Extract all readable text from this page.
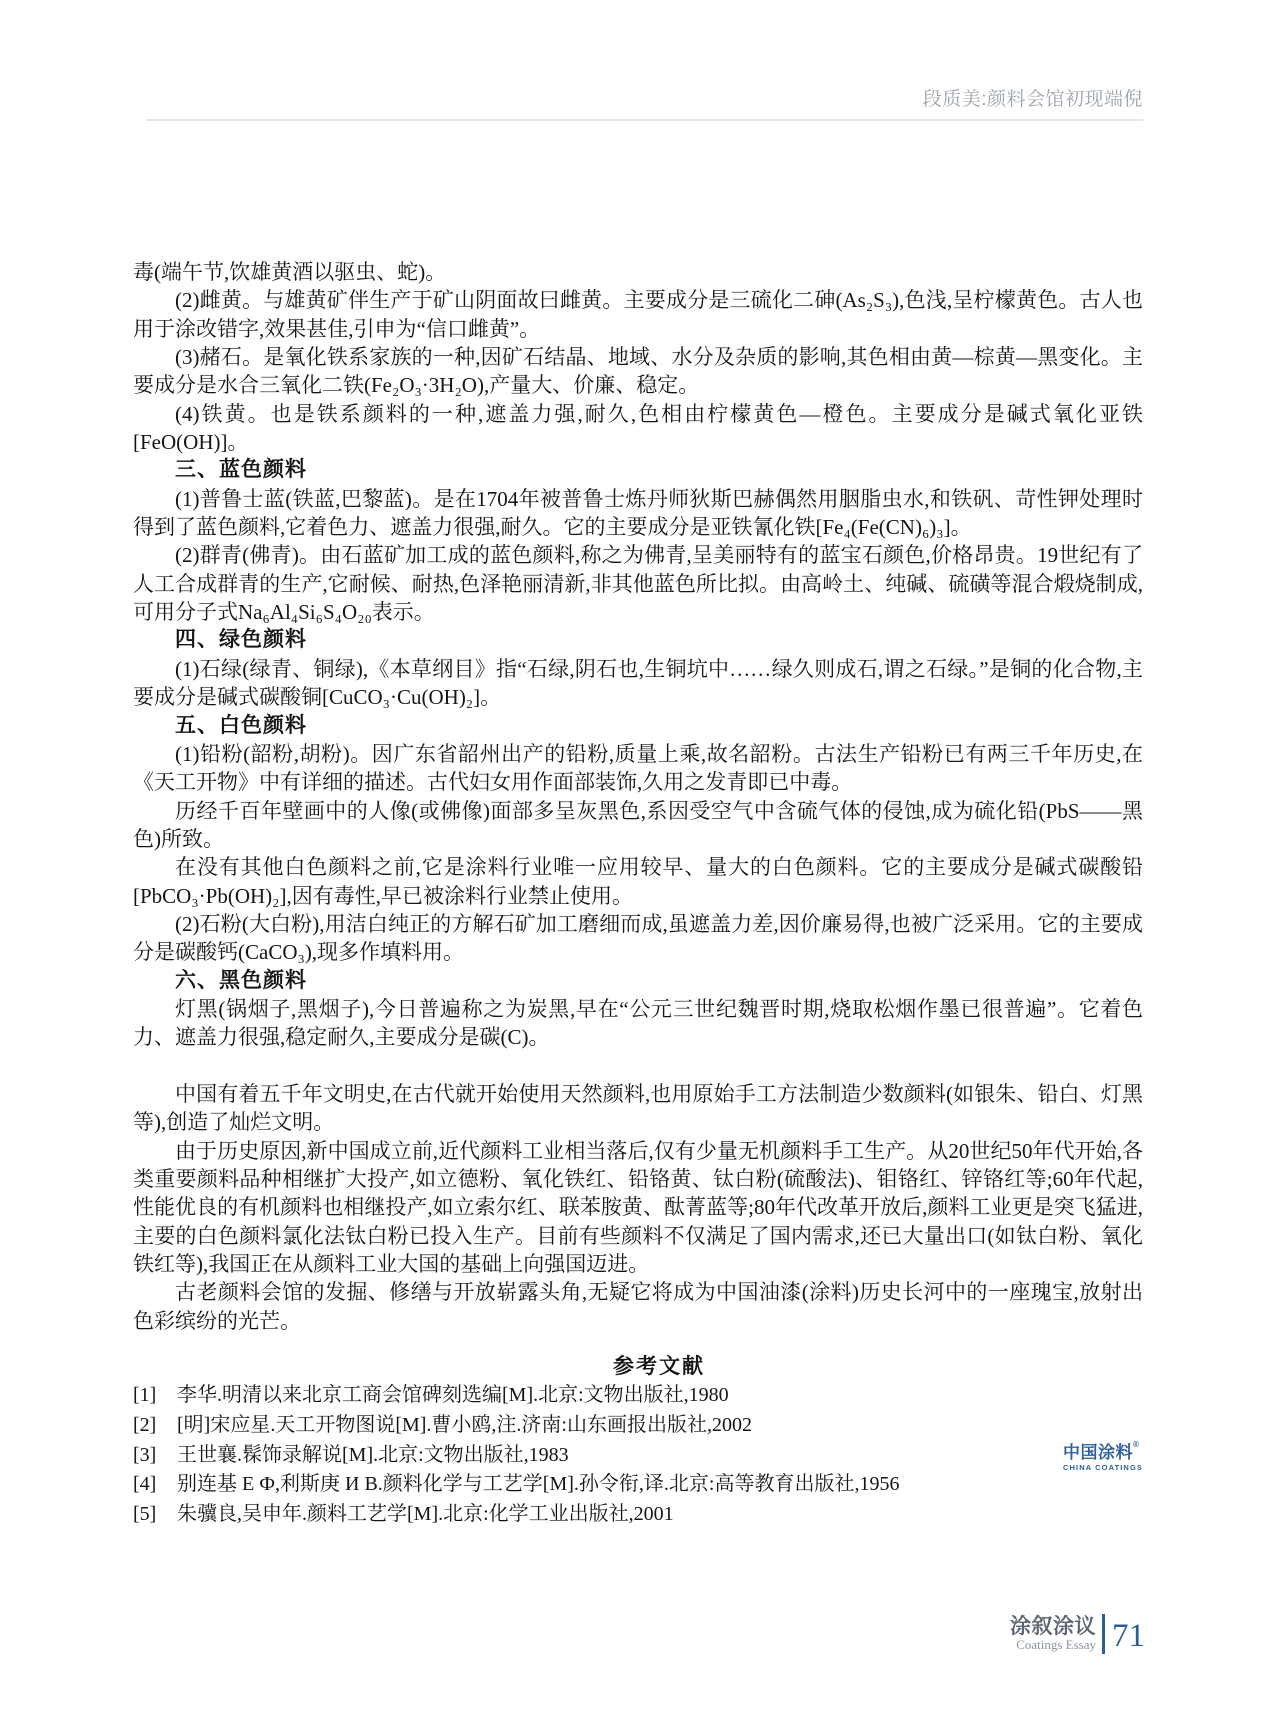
段质美:颜料会馆初现端倪

毒(端午节,饮雄黄酒以驱虫、蛇)。

(2)雌黄。与雄黄矿伴生产于矿山阴面故曰雌黄。主要成分是三硫化二砷(As₂S₃),色浅,呈柠檬黄色。古人也用于涂改错字,效果甚佳,引申为“信口雌黄”。

(3)赭石。是氧化铁系家族的一种,因矿石结晶、地域、水分及杂质的影响,其色相由黄—棕黄—黑变化。主要成分是水合三氧化二铁(Fe₂O₃·3H₂O),产量大、价廉、稳定。

(4)铁黄。也是铁系颜料的一种,遮盖力强,耐久,色相由柠檬黄色—橙色。主要成分是碱式氧化亚铁[FeO(OH)]。

三、蓝色颜料

(1)普鲁士蓝(铁蓝,巴黎蓝)。是在1704年被普鲁士炼丹师狄斯巴赫偶然用胭脂虫水,和铁矾、苛性钾处理时得到了蓝色颜料,它着色力、遮盖力很强,耐久。它的主要成分是亚铁氰化铁[Fe₄(Fe(CN)₆)₃]。

(2)群青(佛青)。由石蓝矿加工成的蓝色颜料,称之为佛青,呈美丽特有的蓝宝石颜色,价格昂贵。19世纪有了人工合成群青的生产,它耐候、耐热,色泽艳丽清新,非其他蓝色所比拟。由高岭土、纯碱、硫磺等混合煅烧制成,可用分子式Na₆Al₄Si₆S₄O₂₀表示。

四、绿色颜料

(1)石绿(绿青、铜绿),《本草纲目》指“石绿,阴石也,生铜坑中……绿久则成石,谓之石绿。”是铜的化合物,主要成分是碱式碳酸铜[CuCO₃·Cu(OH)₂]。

五、白色颜料

(1)铅粉(韶粉,胡粉)。因广东省韶州出产的铅粉,质量上乘,故名韶粉。古法生产铅粉已有两三千年历史,在《天工开物》中有详细的描述。古代妇女用作面部装饰,久用之发青即已中毒。

历经千百年壁画中的人像(或佛像)面部多呈灰黑色,系因受空气中含硫气体的侵蚀,成为硫化铅(PbS——黑色)所致。

在没有其他白色颜料之前,它是涂料行业唯一应用较早、量大的白色颜料。它的主要成分是碱式碳酸铅[PbCO₃·Pb(OH)₂],因有毒性,早已被涂料行业禁止使用。

(2)石粉(大白粉),用洁白纯正的方解石矿加工磨细而成,虽遮盖力差,因价廉易得,也被广泛采用。它的主要成分是碳酸钙(CaCO₃),现多作填料用。

六、黑色颜料

灯黑(锅烟子,黑烟子),今日普遍称之为炭黑,早在“公元三世纪魏晋时期,烧取松烟作墨已很普遍”。它着色力、遮盖力很强,稳定耐久,主要成分是碳(C)。

中国有着五千年文明史,在古代就开始使用天然颜料,也用原始手工方法制造少数颜料(如银朱、铅白、灯黑等),创造了灿烂文明。

由于历史原因,新中国成立前,近代颜料工业相当落后,仅有少量无机颜料手工生产。从20世纪50年代开始,各类重要颜料品种相继扩大投产,如立德粉、氧化铁红、铅铬黄、钛白粉(硫酸法)、钼铬红、锌铬红等;60年代起,性能优良的有机颜料也相继投产,如立索尔红、联苯胺黄、酞菁蓝等;80年代改革开放后,颜料工业更是突飞猛进,主要的白色颜料氯化法钛白粉已投入生产。目前有些颜料不仅满足了国内需求,还已大量出口(如钛白粉、氧化铁红等),我国正在从颜料工业大国的基础上向强国迈进。

古老颜料会馆的发掘、修缮与开放崭露头角,无疑它将成为中国油漆(涂料)历史长河中的一座瑰宝,放射出色彩缤纷的光芒。

参考文献

[1]	李华.明清以来北京工商会馆碑刻选编[M].北京:文物出版社,1980
[2]	[明]宋应星.天工开物图说[M].曹小鸥,注.济南:山东画报出版社,2002
[3]	王世襄.髹饰录解说[M].北京:文物出版社,1983
[4]	别连基 Е Ф,利斯庚 И В.颜料化学与工艺学[M].孙令衔,译.北京:高等教育出版社,1956
[5]	朱骥良,吴申年.颜料工艺学[M].北京:化学工业出版社,2001
中国涂料®
CHINA COATINGS
涂叙涂议
Coatings Essay 71
